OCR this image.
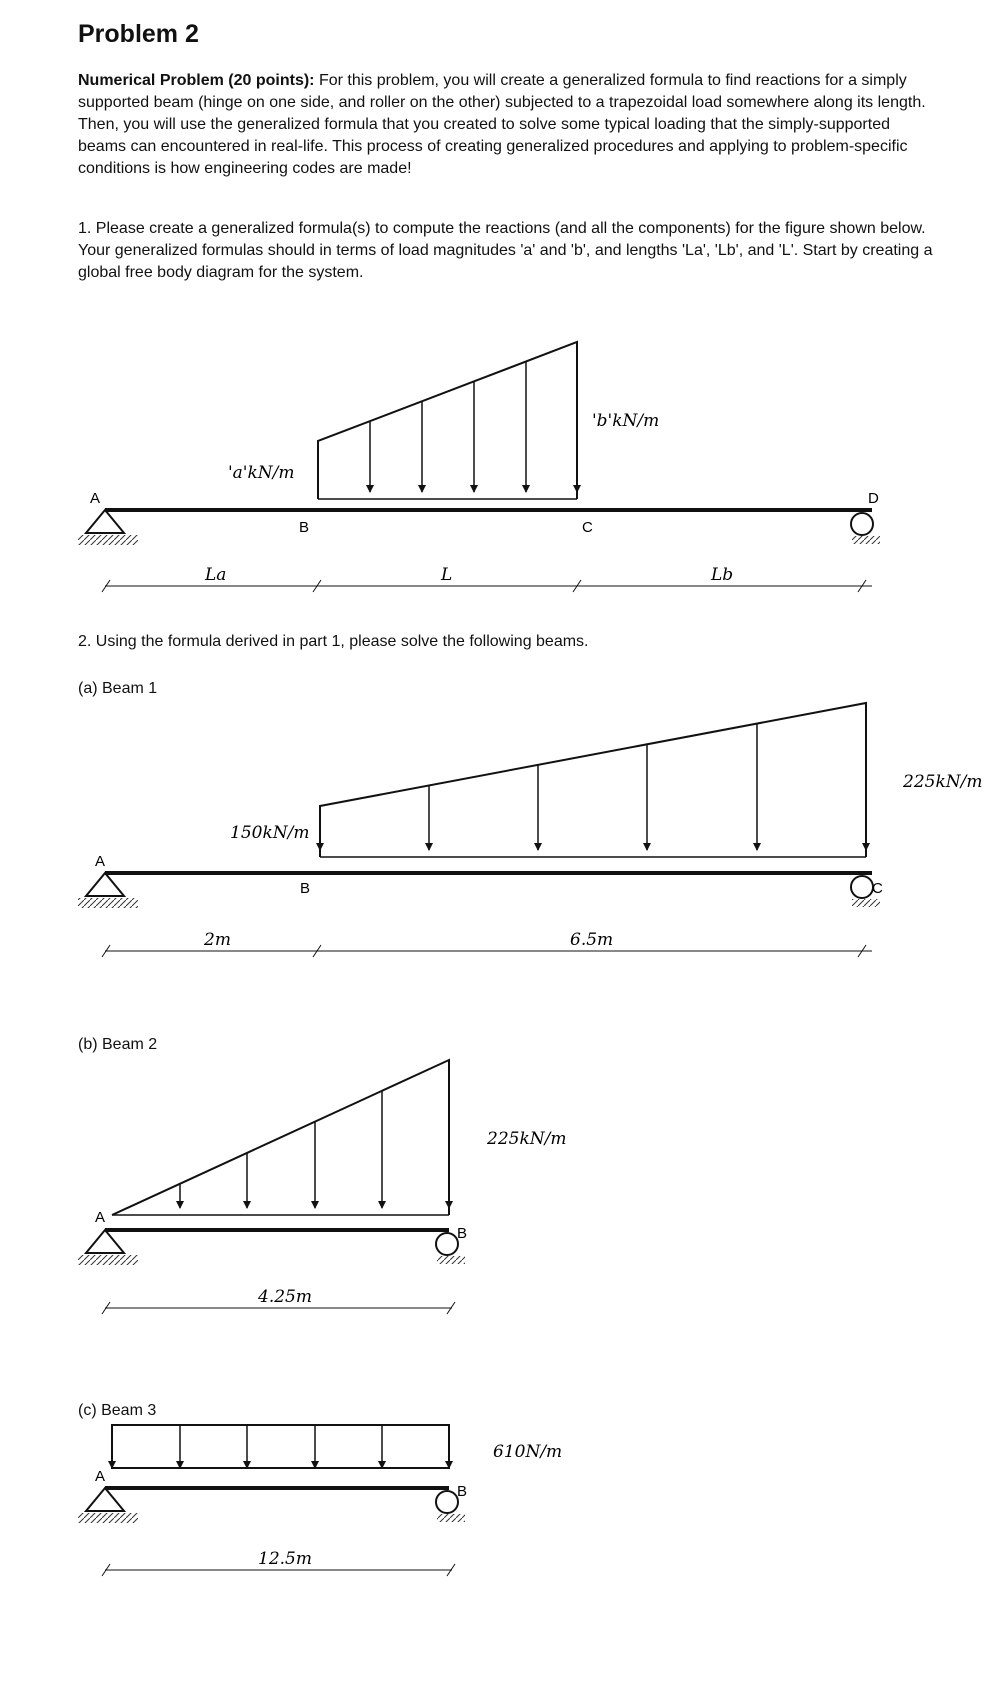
Problem 2

Numerical Problem (20 points): For this problem, you will create a generalized formula to find reactions for a simply supported beam (hinge on one side, and roller on the other) subjected to a trapezoidal load somewhere along its length. Then, you will use the generalized formula that you created to solve some typical loading that the simply-supported beams can encountered in real-life. This process of creating generalized procedures and applying to problem-specific conditions is how engineering codes are made!

1. Please create a generalized formula(s) to compute the reactions (and all the components) for the figure shown below. Your generalized formulas should in terms of load magnitudes 'a' and 'b', and lengths 'La', 'Lb', and 'L'. Start by creating a global free body diagram for the system.

2. Using the formula derived in part 1, please solve the following beams.

(a) Beam 1

(b) Beam 2

(c) Beam 3

'a'kN/m
'b'kN/m
A
B	C
D
La	L	Lb
150kN/m
225kN/m
A
B	C
2m	6.5m
225kN/m
A
B
4.25m
610N/m
A
B
12.5m
